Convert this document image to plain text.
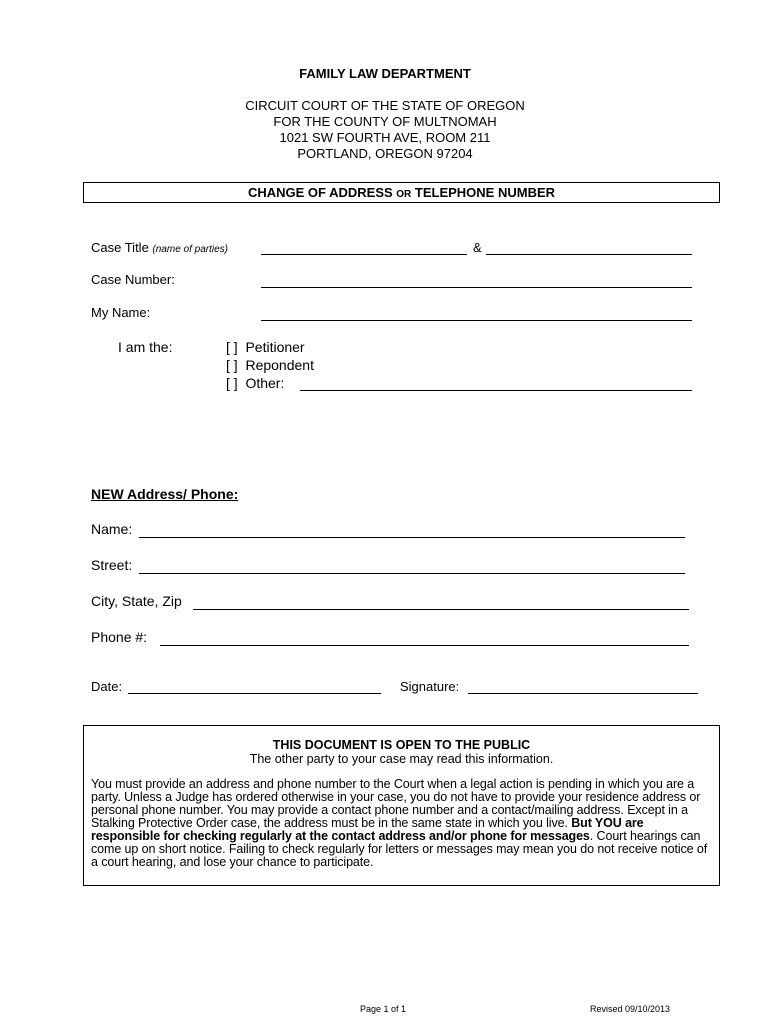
FAMILY LAW DEPARTMENT
CIRCUIT COURT OF THE STATE OF OREGON
FOR THE COUNTY OF MULTNOMAH
1021 SW FOURTH AVE, ROOM 211
PORTLAND, OREGON 97204
CHANGE OF ADDRESS OR TELEPHONE NUMBER
Case Title (name of parties)	&
Case Number:
My Name:
I am the:	[ ] Petitioner
[ ] Repondent
[ ] Other:
NEW Address/ Phone:
Name:
Street:
City, State, Zip
Phone #:
Date:	Signature:
THIS DOCUMENT IS OPEN TO THE PUBLIC
The other party to your case may read this information.
You must provide an address and phone number to the Court when a legal action is pending in which you are a party. Unless a Judge has ordered otherwise in your case, you do not have to provide your residence address or personal phone number. You may provide a contact phone number and a contact/mailing address. Except in a Stalking Protective Order case, the address must be in the same state in which you live. But YOU are responsible for checking regularly at the contact address and/or phone for messages. Court hearings can come up on short notice. Failing to check regularly for letters or messages may mean you do not receive notice of a court hearing, and lose your chance to participate.
Page 1 of 1	Revised 09/10/2013
